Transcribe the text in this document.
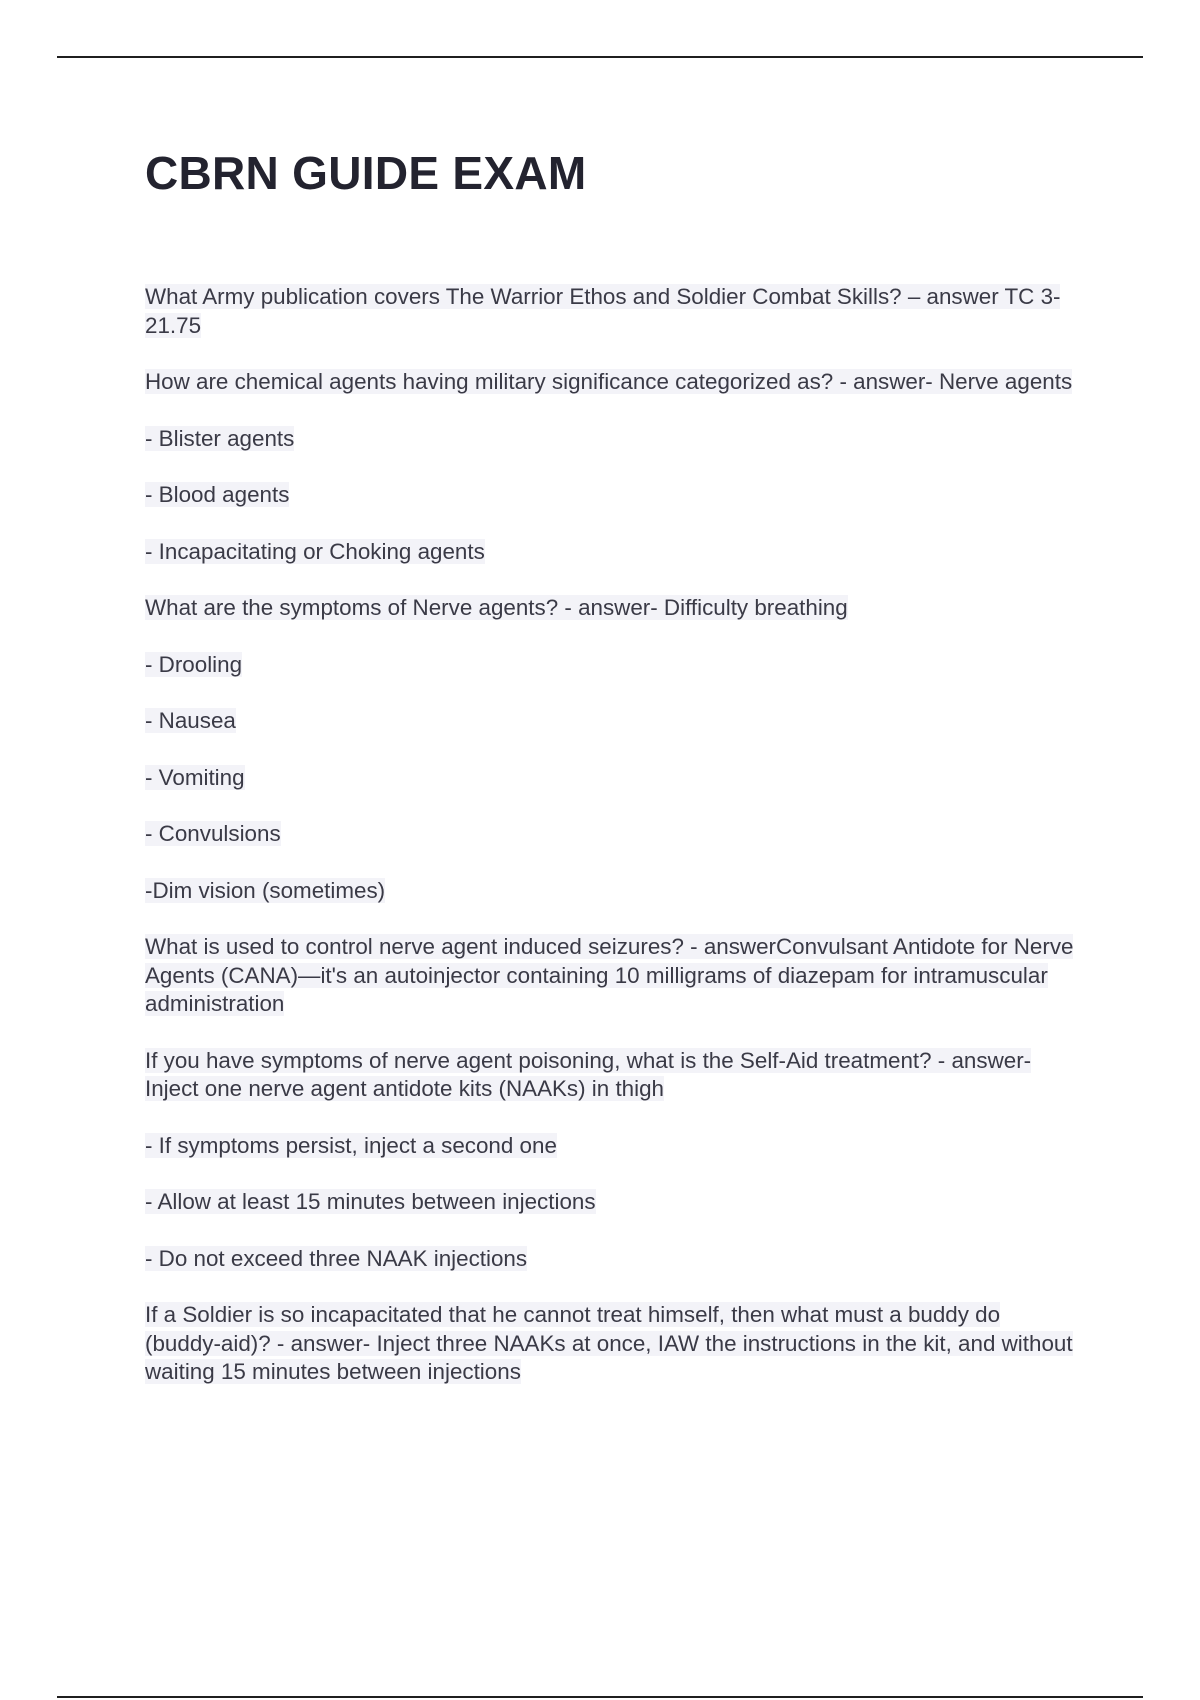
CBRN GUIDE EXAM

What Army publication covers The Warrior Ethos and Soldier Combat Skills? – answer TC 3-21.75

How are chemical agents having military significance categorized as? - answer- Nerve agents

- Blister agents

- Blood agents

- Incapacitating or Choking agents

What are the symptoms of Nerve agents? - answer- Difficulty breathing

- Drooling

- Nausea

- Vomiting

- Convulsions

-Dim vision (sometimes)

What is used to control nerve agent induced seizures? - answerConvulsant Antidote for Nerve Agents (CANA)—it's an autoinjector containing 10 milligrams of diazepam for intramuscular administration

If you have symptoms of nerve agent poisoning, what is the Self-Aid treatment? - answer- Inject one nerve agent antidote kits (NAAKs) in thigh

- If symptoms persist, inject a second one

- Allow at least 15 minutes between injections

- Do not exceed three NAAK injections

If a Soldier is so incapacitated that he cannot treat himself, then what must a buddy do (buddy-aid)? - answer- Inject three NAAKs at once, IAW the instructions in the kit, and without waiting 15 minutes between injections
